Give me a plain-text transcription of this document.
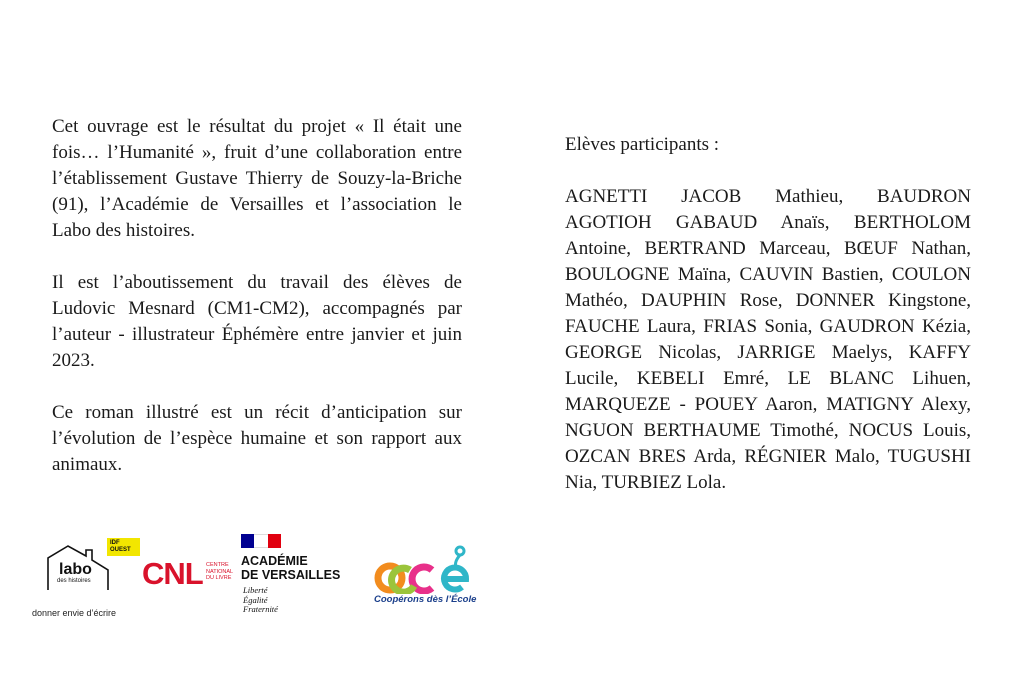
Cet ouvrage est le résultat du projet « Il était une fois… l’Humanité », fruit d’une collaboration entre l’établissement Gustave Thierry de Souzy-la-Briche (91), l’Académie de Versailles et l’association le Labo des histoires.

Il est l’aboutissement du travail des élèves de Ludovic Mesnard (CM1-CM2), accompagnés par l’auteur - illustrateur Éphémère entre janvier et juin 2023.

Ce roman illustré est un récit d’anticipation sur l’évolution de l’espèce humaine et son rapport aux animaux.

Elèves participants :

AGNETTI JACOB Mathieu, BAUDRON AGOTIOH GABAUD Anaïs, BERTHOLOM Antoine, BERTRAND Marceau, BŒUF Nathan, BOULOGNE Maïna, CAUVIN Bastien, COULON Mathéo, DAUPHIN Rose, DONNER Kingstone, FAUCHE Laura, FRIAS Sonia, GAUDRON Kézia, GEORGE Nicolas, JARRIGE Maelys, KAFFY Lucile, KEBELI Emré, LE BLANC Lihuen, MARQUEZE - POUEY Aaron, MATIGNY Alexy, NGUON BERTHAUME Timothé, NOCUS Louis, OZCAN BRES Arda, RÉGNIER Malo, TUGUSHI Nia, TURBIEZ Lola.

IDF OUEST
labo
des histoires
donner envie d’écrire
CNL CENTRE
NATIONAL
DU LIVRE
ACADÉMIE
DE VERSAILLES
Liberté
Égalité
Fraternité
Coopérons dès l’École
